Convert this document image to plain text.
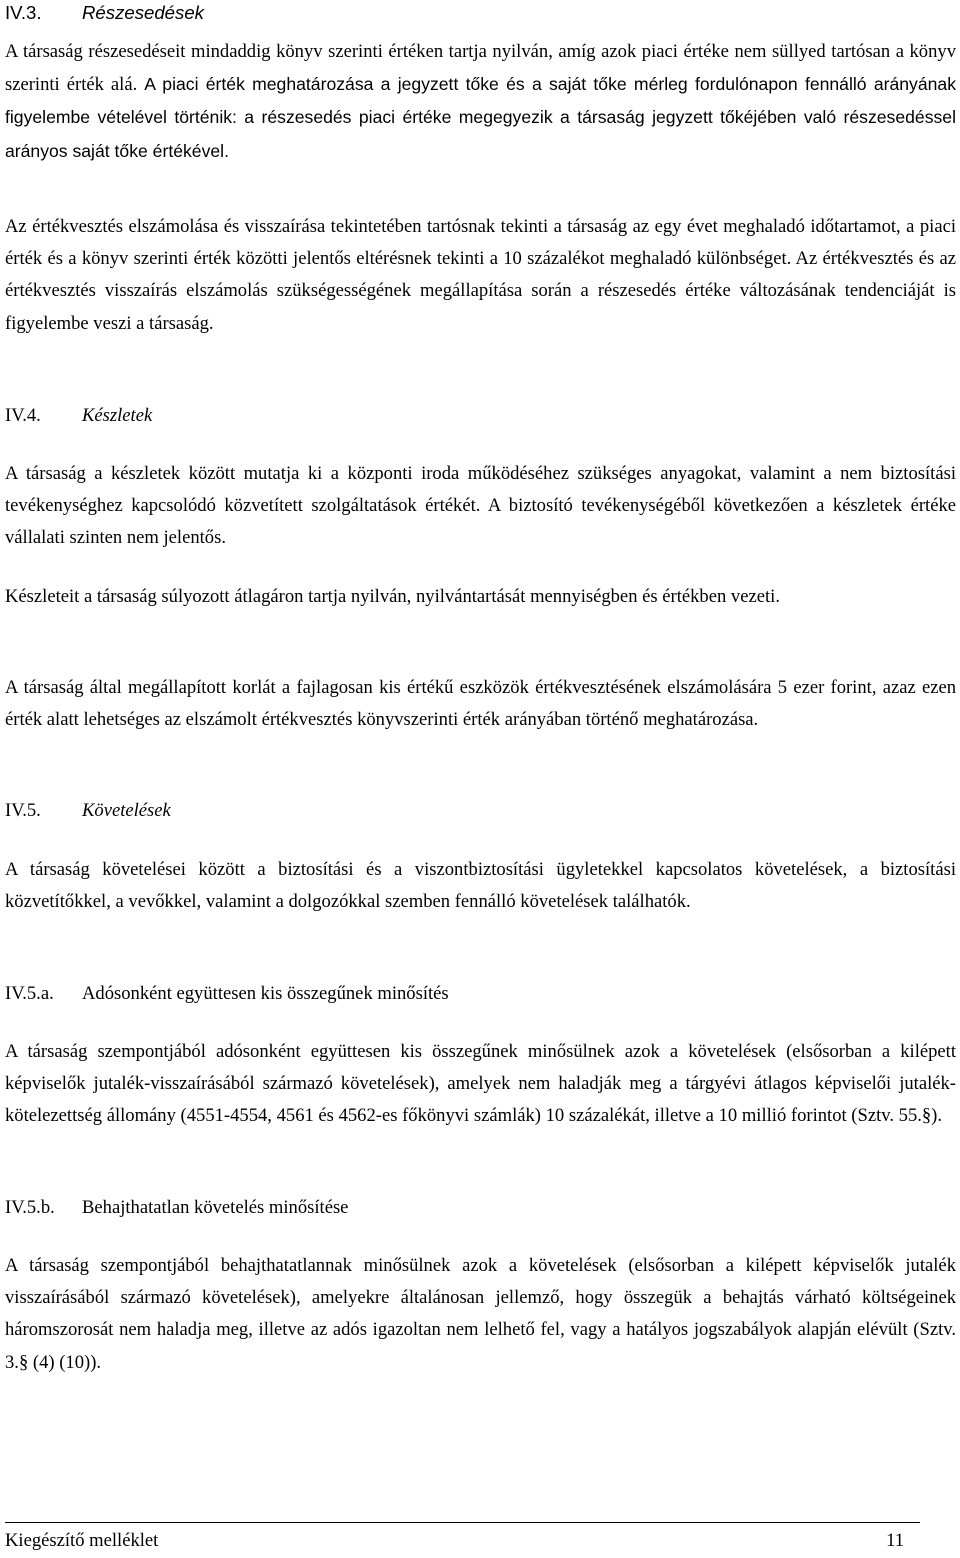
IV.3. Részesedések
A társaság részesedéseit mindaddig könyv szerinti értéken tartja nyilván, amíg azok piaci értéke nem süllyed tartósan a könyv szerinti érték alá. A piaci érték meghatározása a jegyzett tőke és a saját tőke mérleg fordulónapon fennálló arányának figyelembe vételével történik: a részesedés piaci értéke megegyezik a társaság jegyzett tőkéjében való részesedéssel arányos saját tőke értékével.
Az értékvesztés elszámolása és visszaírása tekintetében tartósnak tekinti a társaság az egy évet meghaladó időtartamot, a piaci érték és a könyv szerinti érték közötti jelentős eltérésnek tekinti a 10 százalékot meghaladó különbséget. Az értékvesztés és az értékvesztés visszaírás elszámolás szükségességének megállapítása során a részesedés értéke változásának tendenciáját is figyelembe veszi a társaság.
IV.4. Készletek
A társaság a készletek között mutatja ki a központi iroda működéséhez szükséges anyagokat, valamint a nem biztosítási tevékenységhez kapcsolódó közvetített szolgáltatások értékét. A biztosító tevékenységéből következően a készletek értéke vállalati szinten nem jelentős.
Készleteit a társaság súlyozott átlagáron tartja nyilván, nyilvántartását mennyiségben és értékben vezeti.
A társaság által megállapított korlát a fajlagosan kis értékű eszközök értékvesztésének elszámolására 5 ezer forint, azaz ezen érték alatt lehetséges az elszámolt értékvesztés könyvszerinti érték arányában történő meghatározása.
IV.5. Követelések
A társaság követelései között a biztosítási és a viszontbiztosítási ügyletekkel kapcsolatos követelések, a biztosítási közvetítőkkel, a vevőkkel, valamint a dolgozókkal szemben fennálló követelések találhatók.
IV.5.a. Adósonként együttesen kis összegűnek minősítés
A társaság szempontjából adósonként együttesen kis összegűnek minősülnek azok a követelések (elsősorban a kilépett képviselők jutalék-visszaírásából származó követelések), amelyek nem haladják meg a tárgyévi átlagos képviselői jutalék-kötelezettség állomány (4551-4554, 4561 és 4562-es főkönyvi számlák) 10 százalékát, illetve a 10 millió forintot (Sztv. 55.§).
IV.5.b. Behajthatatlan követelés minősítése
A társaság szempontjából behajthatatlannak minősülnek azok a követelések (elsősorban a kilépett képviselők jutalék visszaírásából származó követelések), amelyekre általánosan jellemző, hogy összegük a behajtás várható költségeinek háromszorosát nem haladja meg, illetve az adós igazoltan nem lelhető fel, vagy a hatályos jogszabályok alapján elévült (Sztv. 3.§ (4) (10)).
Kiegészítő melléklet	11
